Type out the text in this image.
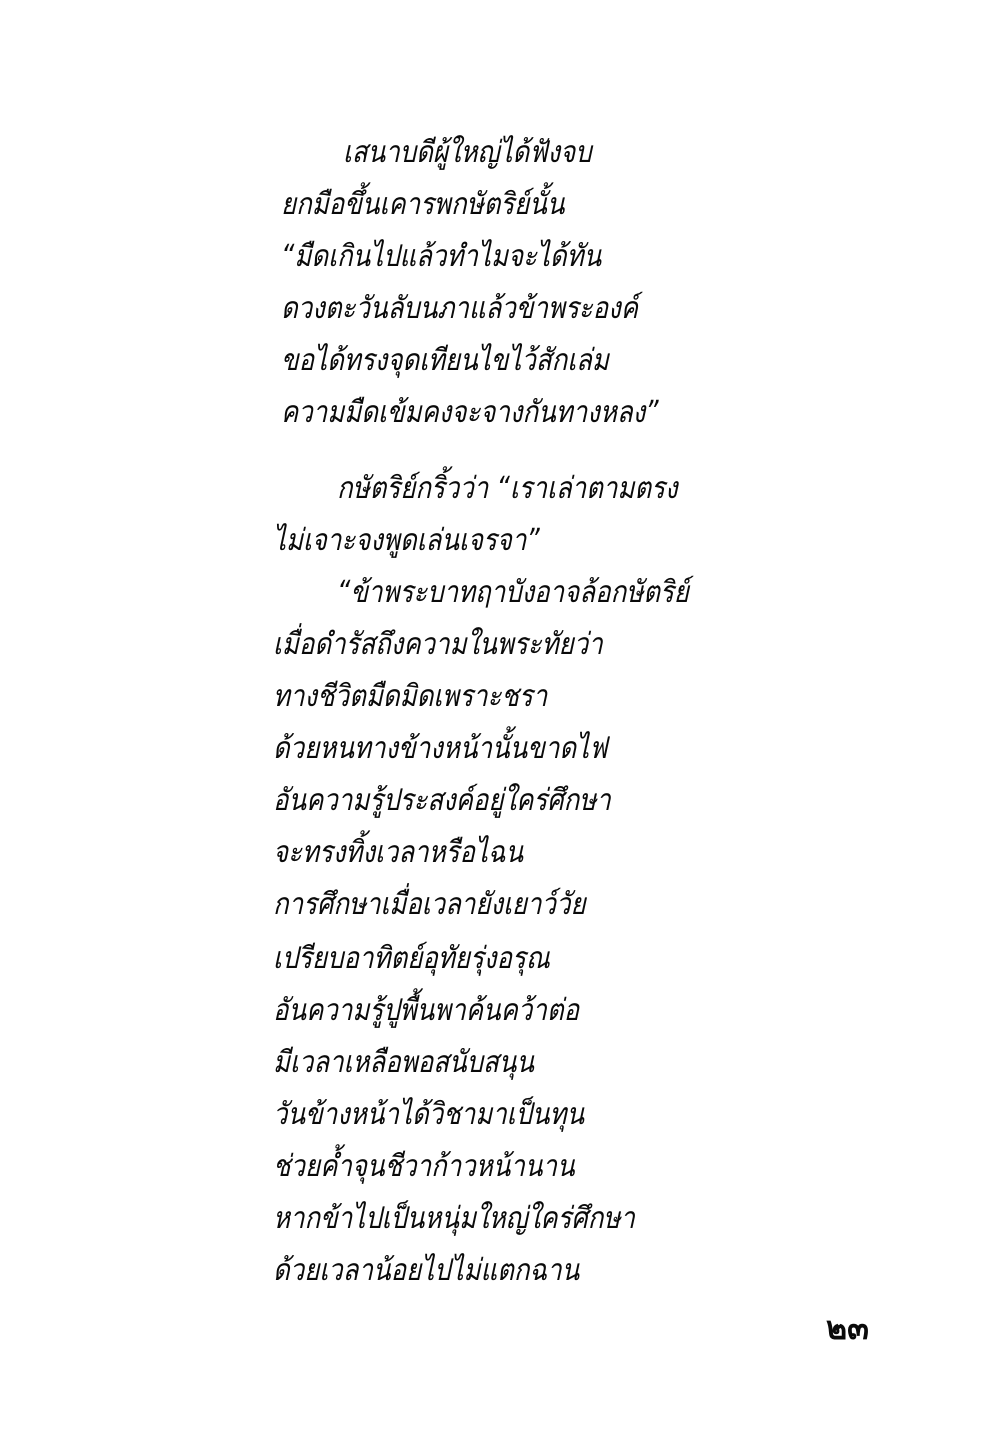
เสนาบดีผู้ใหญ่ได้ฟังจบ
ยกมือขึ้นเคารพกษัตริย์นั้น
“มืดเกินไปแล้วทำไมจะได้ทัน
ดวงตะวันลับนภาแล้วข้าพระองค์
ขอได้ทรงจุดเทียนไขไว้สักเล่ม
ความมืดเข้มคงจะจางกันทางหลง”
กษัตริย์กริ้วว่า “เราเล่าตามตรง
ไม่เจาะจงพูดเล่นเจรจา”
“ข้าพระบาทฤาบังอาจล้อกษัตริย์
เมื่อดำรัสถึงความในพระทัยว่า
ทางชีวิตมืดมิดเพราะชรา
ด้วยหนทางข้างหน้านั้นขาดไฟ
อันความรู้ประสงค์อยู่ใคร่ศึกษา
จะทรงทิ้งเวลาหรือไฉน
การศึกษาเมื่อเวลายังเยาว์วัย
เปรียบอาทิตย์อุทัยรุ่งอรุณ
อันความรู้ปูพื้นพาค้นคว้าต่อ
มีเวลาเหลือพอสนับสนุน
วันข้างหน้าได้วิชามาเป็นทุน
ช่วยค้ำจุนชีวาก้าวหน้านาน
หากข้าไปเป็นหนุ่มใหญ่ใคร่ศึกษา
ด้วยเวลาน้อยไปไม่แตกฉาน
๒๓
